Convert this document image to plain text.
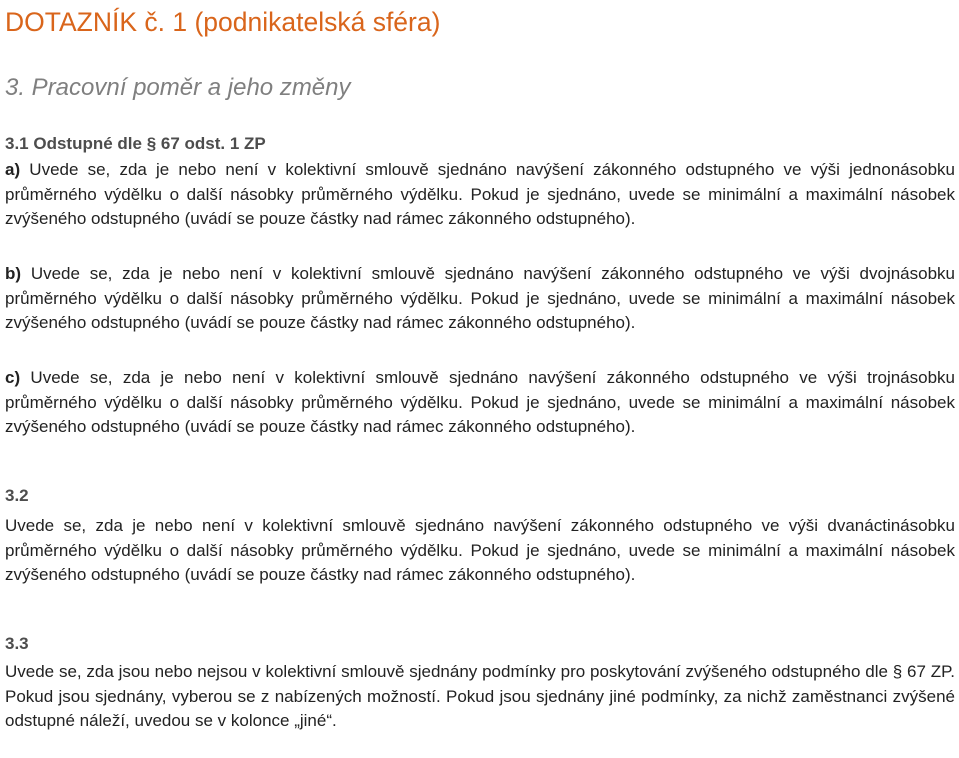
DOTAZNÍK č. 1 (podnikatelská sféra)
3. Pracovní poměr a jeho změny
3.1 Odstupné dle § 67 odst. 1 ZP

a) Uvede se, zda je nebo není v kolektivní smlouvě sjednáno navýšení zákonného odstupného ve výši jednonásobku průměrného výdělku o další násobky průměrného výdělku. Pokud je sjednáno, uvede se minimální a maximální násobek zvýšeného odstupného (uvádí se pouze částky nad rámec zákonného odstupného).

b) Uvede se, zda je nebo není v kolektivní smlouvě sjednáno navýšení zákonného odstupného ve výši dvojnásobku průměrného výdělku o další násobky průměrného výdělku. Pokud je sjednáno, uvede se minimální a maximální násobek zvýšeného odstupného (uvádí se pouze částky nad rámec zákonného odstupného).

c) Uvede se, zda je nebo není v kolektivní smlouvě sjednáno navýšení zákonného odstupného ve výši trojnásobku průměrného výdělku o další násobky průměrného výdělku. Pokud je sjednáno, uvede se minimální a maximální násobek zvýšeného odstupného (uvádí se pouze částky nad rámec zákonného odstupného).

3.2

Uvede se, zda je nebo není v kolektivní smlouvě sjednáno navýšení zákonného odstupného ve výši dvanáctinásobku průměrného výdělku o další násobky průměrného výdělku. Pokud je sjednáno, uvede se minimální a maximální násobek zvýšeného odstupného (uvádí se pouze částky nad rámec zákonného odstupného).

3.3

Uvede se, zda jsou nebo nejsou v kolektivní smlouvě sjednány podmínky pro poskytování zvýšeného odstupného dle § 67 ZP. Pokud jsou sjednány, vyberou se z nabízených možností. Pokud jsou sjednány jiné podmínky, za nichž zaměstnanci zvýšené odstupné náleží, uvedou se v kolonce „jiné“.
